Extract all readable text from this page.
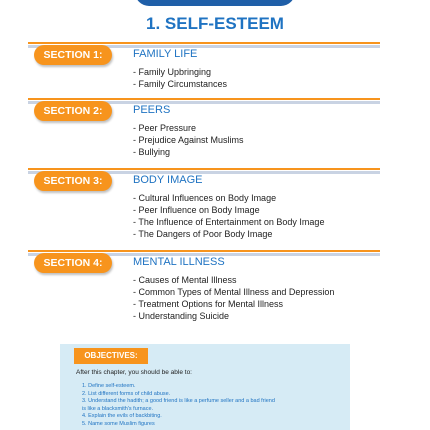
1. SELF-ESTEEM
SECTION 1:	FAMILY LIFE
- Family Upbringing
- Family Circumstances
SECTION 2:	PEERS
- Peer Pressure
- Prejudice Against Muslims
- Bullying
SECTION 3:	BODY IMAGE
- Cultural Influences on Body Image
- Peer Influence on Body Image
- The Influence of Entertainment on Body Image
- The Dangers of Poor Body Image
SECTION 4:	MENTAL ILLNESS
- Causes of Mental Illness
- Common Types of Mental Illness and Depression
- Treatment Options for Mental Illness
- Understanding Suicide
OBJECTIVES:
After this chapter, you should be able to:
1. Define self-esteem.
2. List different forms of child abuse.
3. Understand the hadith; a good friend is like a perfume seller and a bad friend
is like a blacksmith's furnace.
4. Explain the evils of backbiting.
5. Name some Muslim figures
